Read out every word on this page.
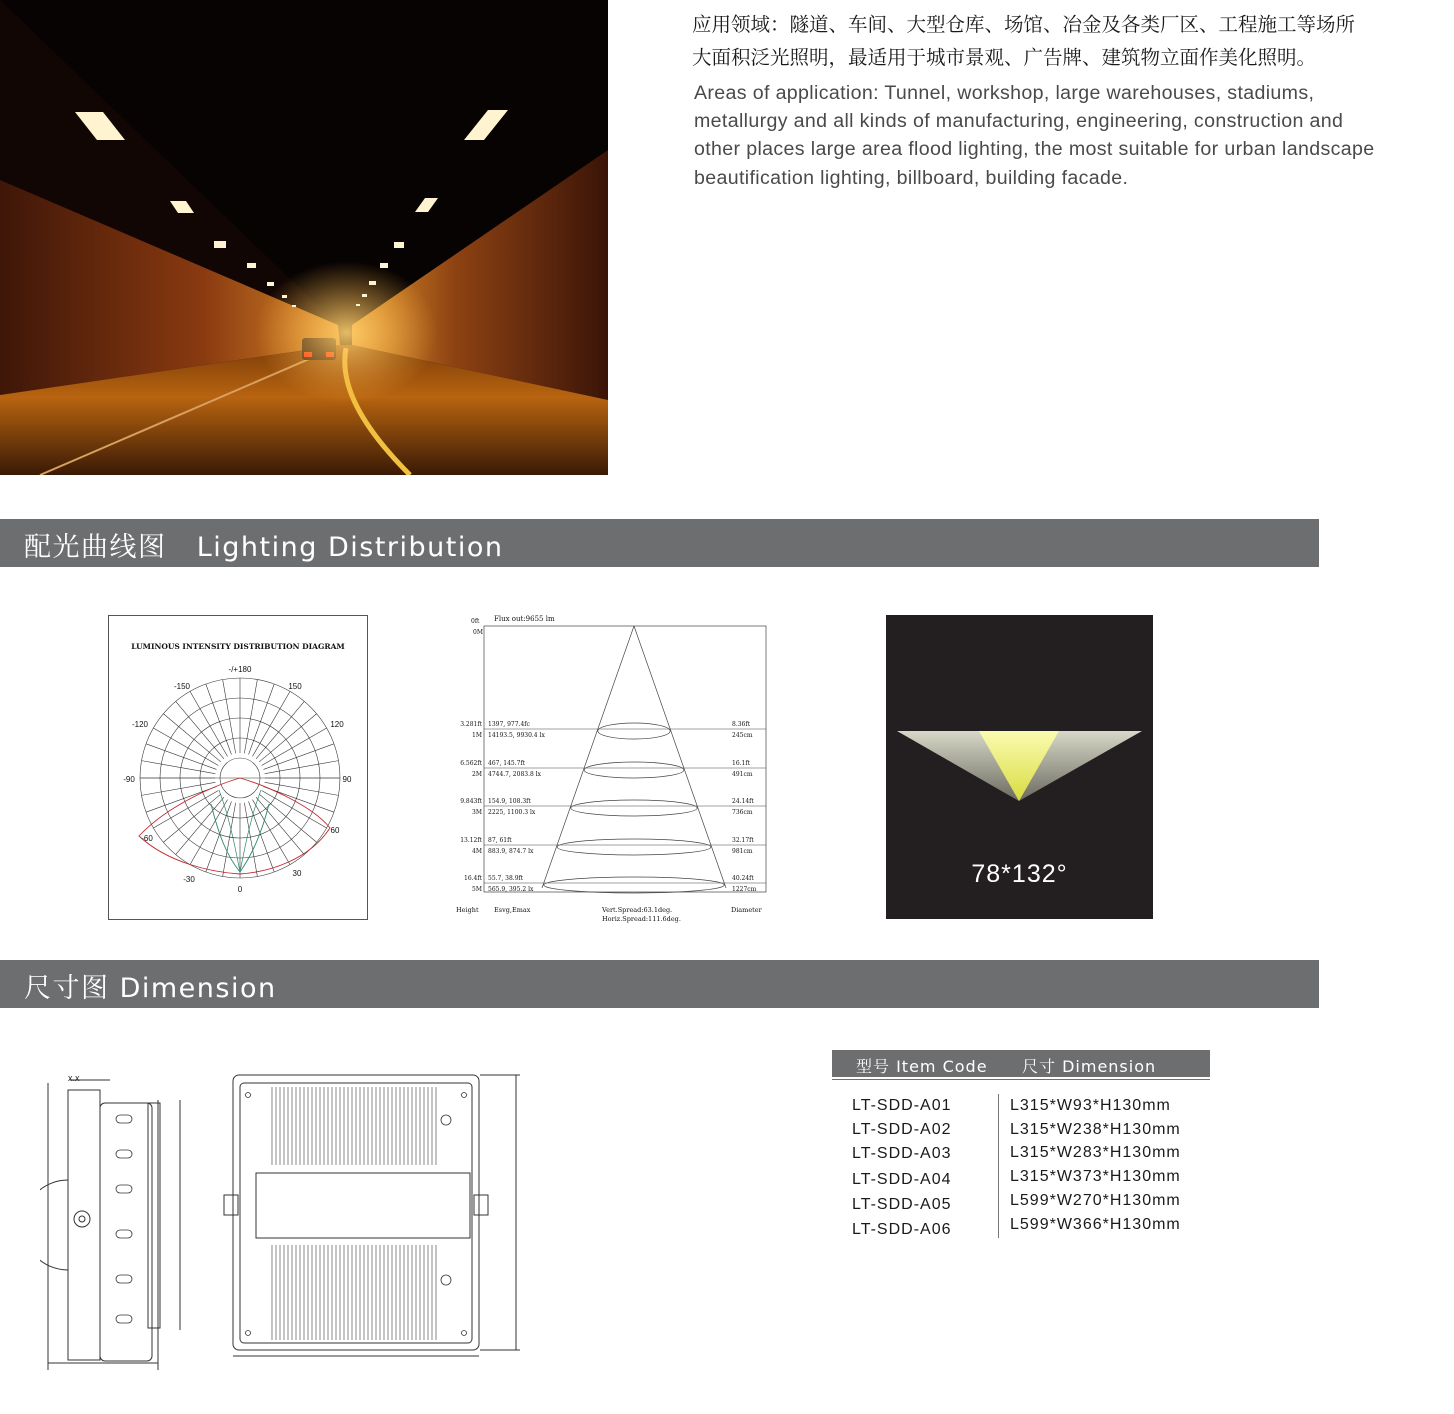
应用领域：隧道、车间、大型仓库、场馆、冶金及各类厂区、工程施工等场所
大面积泛光照明，最适用于城市景观、广告牌、建筑物立面作美化照明。
Areas of application: Tunnel, workshop, large warehouses, stadiums,
metallurgy and all kinds of manufacturing, engineering, construction and
other places large area flood lighting, the most suitable for urban landscape
beautification lighting, billboard, building facade.
配光曲线图   Lighting Distribution
LUMINOUS INTENSITY DISTRIBUTION DIAGRAM
-/+180
-150	150
-120	120
-90	90
-60
60
-30
30
0
0ft
0M
Flux out:9655 lm
3.281ft
1M
1397, 977.4fc
14193.5, 9930.4 lx
8.36ft
245cm
6.562ft
2M
467, 145.7ft
4744.7, 2083.8 lx
16.1ft
491cm
9.843ft
3M
154.9, 108.3ft
2225, 1100.3 lx
24.14ft
736cm
13.12ft
4M
87, 61ft
883.9, 874.7 lx
32.17ft
981cm
16.4ft
5M
55.7, 38.9ft
565.9, 395.2 lx
40.24ft
1227cm
Height Esvg,Emax	Vert.Spread:63.1deg.
Horiz.Spread:111.6deg.
Diameter
78*132°
尺寸图 Dimension
x.x
型号 Item Code 尺寸 Dimension
LT-SDD-A01	L315*W93*H130mm
LT-SDD-A02	L315*W238*H130mm
LT-SDD-A03	L315*W283*H130mm
LT-SDD-A04	L315*W373*H130mm
LT-SDD-A05	L599*W270*H130mm
LT-SDD-A06	L599*W366*H130mm
